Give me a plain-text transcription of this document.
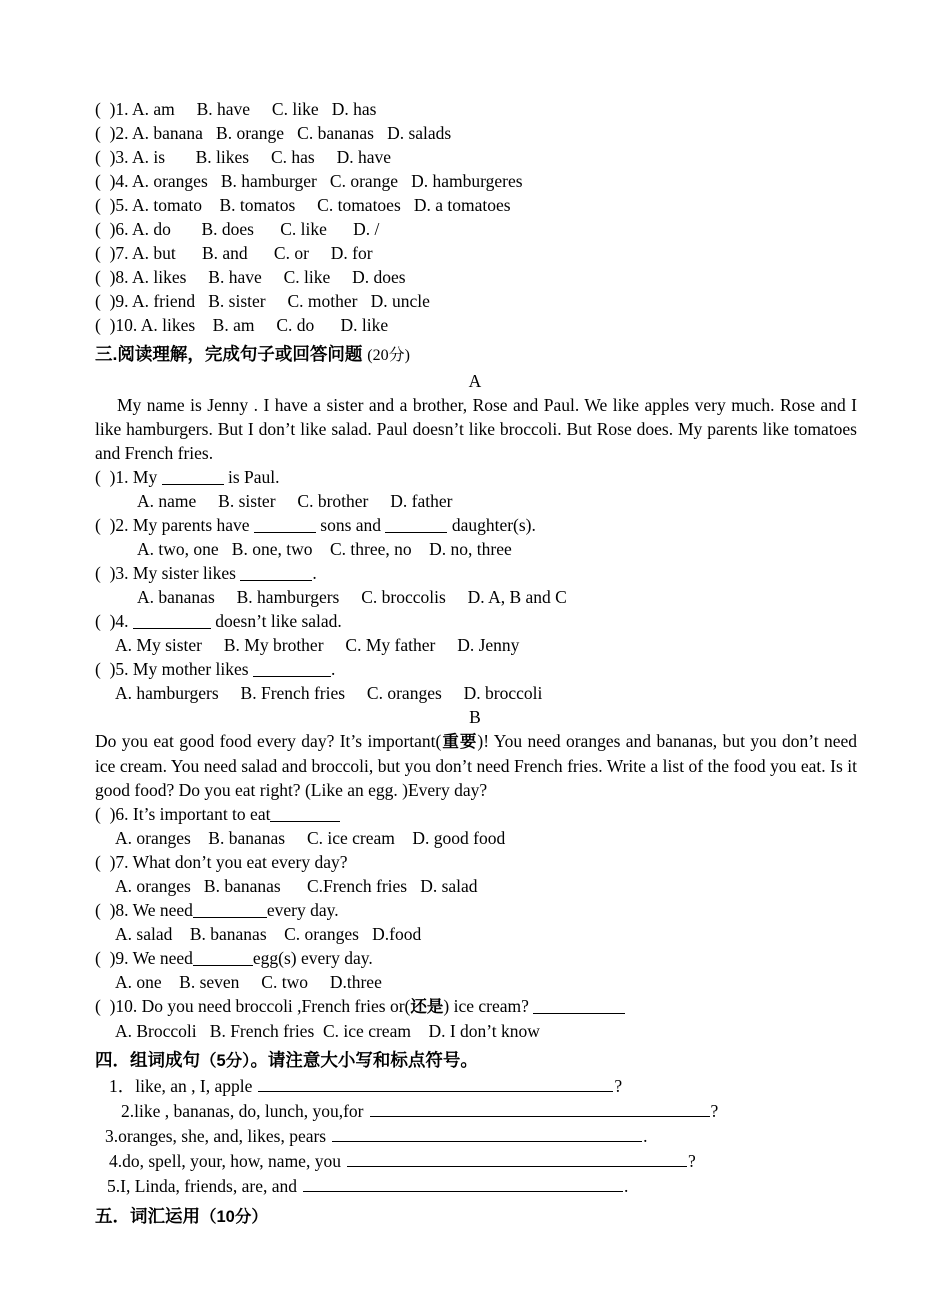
(  )1. A. am     B. have     C. like   D. has
(  )2. A. banana   B. orange   C. bananas   D. salads
(  )3. A. is       B. likes     C. has     D. have
(  )4. A. oranges   B. hamburger   C. orange   D. hamburgeres
(  )5. A. tomato    B. tomatos     C. tomatoes   D. a tomatoes
(  )6. A. do       B. does      C. like      D. /
(  )7. A. but      B. and      C. or     D. for
(  )8. A. likes     B. have     C. like     D. does
(  )9. A. friend   B. sister     C. mother   D. uncle
(  )10. A. likes    B. am     C. do      D. like
三.阅读理解，完成句子或回答问题 (20分)
A
My name is Jenny . I have a sister and a brother, Rose and Paul. We like apples very much. Rose and I like hamburgers. But I don’t like salad. Paul doesn’t like broccoli. But Rose does. My parents like tomatoes and French fries.
(  )1. My	is Paul.
A. name     B. sister     C. brother     D. father
(  )2. My parents have	sons and	daughter(s).
A. two, one   B. one, two    C. three, no    D. no, three
(  )3. My sister likes	.
A. bananas     B. hamburgers     C. broccolis     D. A, B and C
(  )4.	doesn’t like salad.
A. My sister     B. My brother     C. My father     D. Jenny
(  )5. My mother likes	.
A. hamburgers     B. French fries     C. oranges     D. broccoli
B
Do you eat good food every day? It’s important(重要)! You need oranges and bananas, but you don’t need ice cream. You need salad and broccoli, but you don’t need French fries. Write a list of the food you eat. Is it good food? Do you eat right? (Like an egg. )Every day?
(  )6. It’s important to eat
A. oranges    B. bananas     C. ice cream    D. good food
(  )7. What don’t you eat every day?
A. oranges   B. bananas      C.French fries   D. salad
(  )8. We need	every day.
A. salad    B. bananas    C. oranges   D.food
(  )9. We need	egg(s) every day.
A. one    B. seven     C. two     D.three
(  )10. Do you need broccoli ,French fries or(还是) ice cream?
A. Broccoli   B. French fries  C. ice cream    D. I don’t know
四．组词成句（5分）。请注意大小写和标点符号。
1． like, an , I, apple	?
2. like , bananas, do, lunch, you,for	?
3. oranges, she, and, likes, pears	.
4. do, spell, your, how, name, you	?
5. I, Linda, friends, are, and	.
五．词汇运用（10分）
